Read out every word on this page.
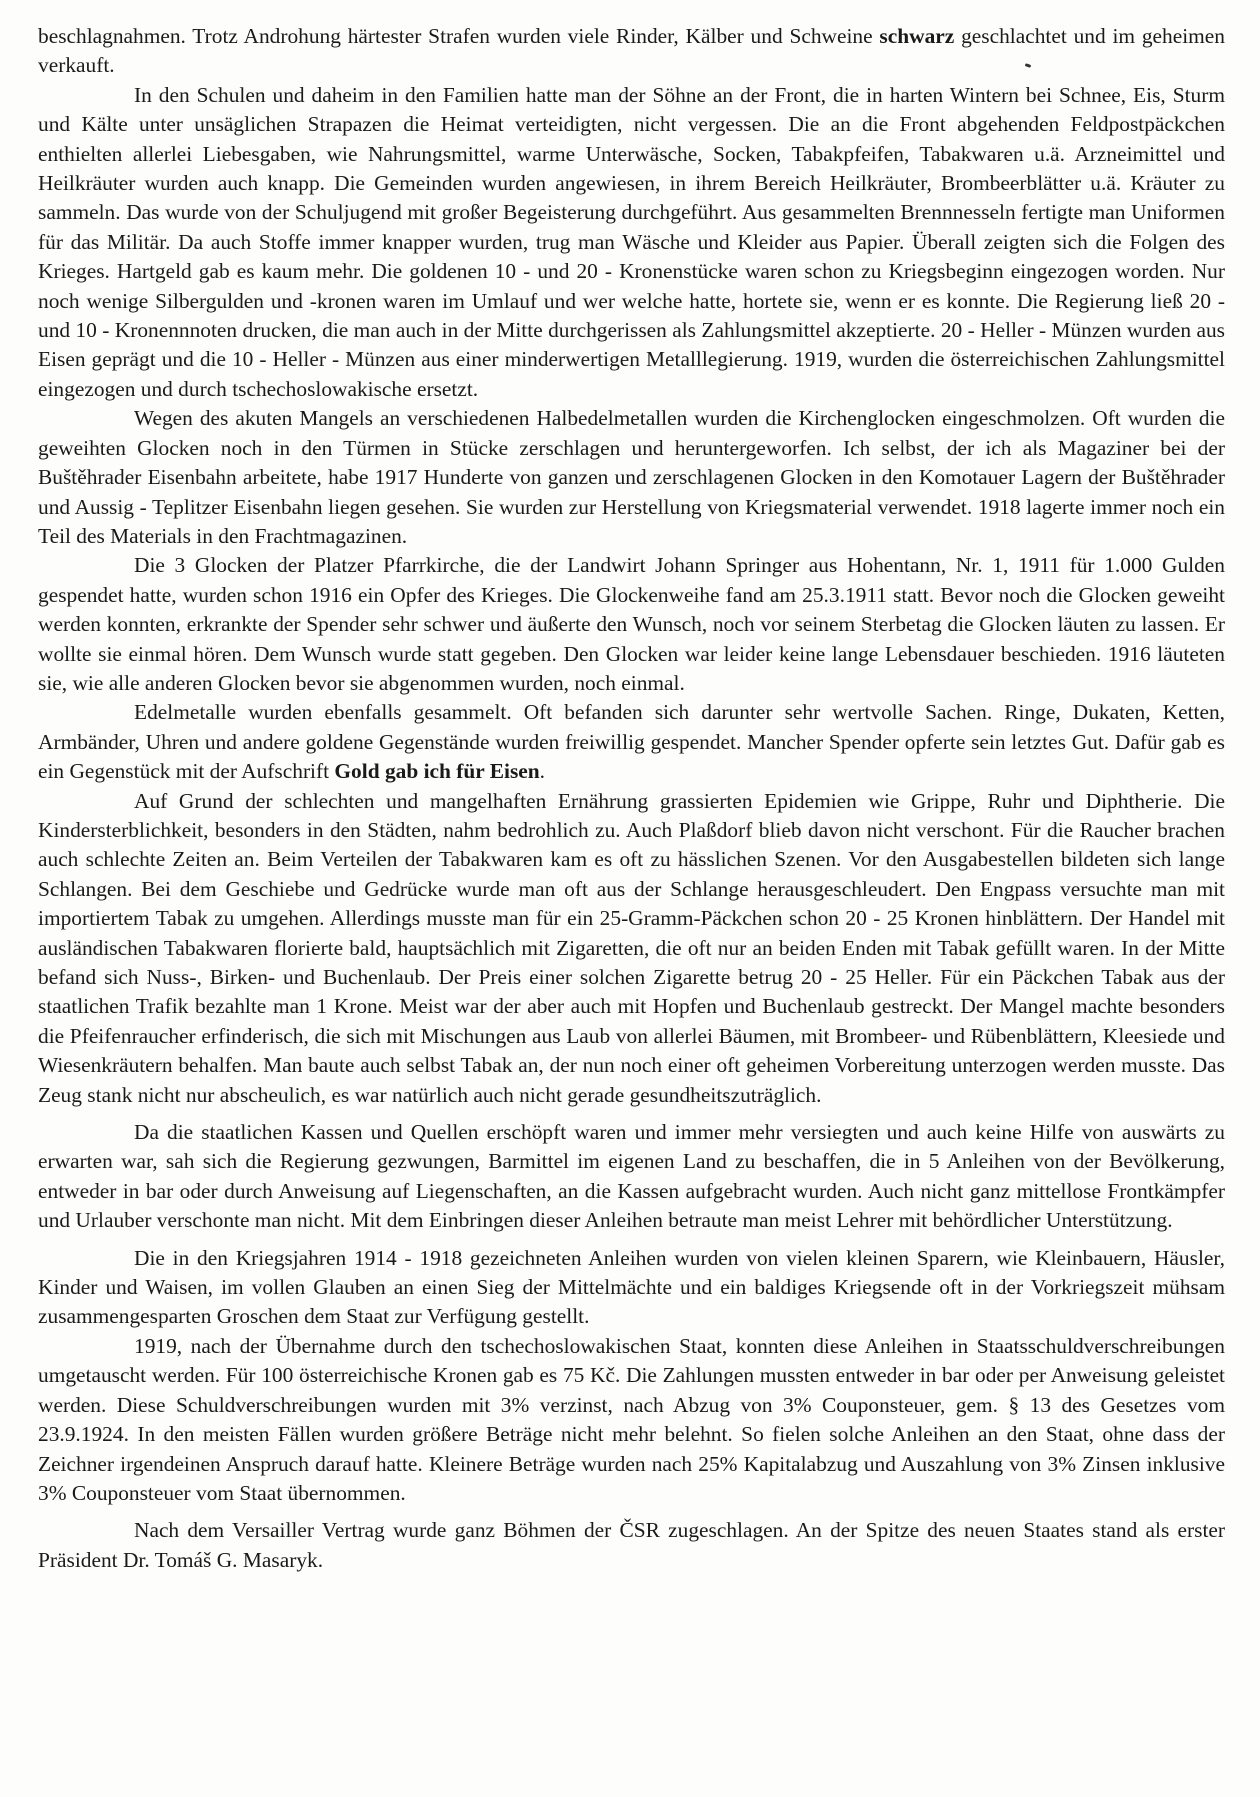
beschlagnahmen. Trotz Androhung härtester Strafen wurden viele Rinder, Kälber und Schweine schwarz geschlachtet und im geheimen verkauft.

In den Schulen und daheim in den Familien hatte man der Söhne an der Front, die in harten Wintern bei Schnee, Eis, Sturm und Kälte unter unsäglichen Strapazen die Heimat verteidigten, nicht vergessen. Die an die Front abgehenden Feldpostpäckchen enthielten allerlei Liebesgaben, wie Nahrungsmittel, warme Unterwäsche, Socken, Tabakpfeifen, Tabakwaren u.ä. Arzneimittel und Heilkräuter wurden auch knapp. Die Gemeinden wurden angewiesen, in ihrem Bereich Heilkräuter, Brombeerblätter u.ä. Kräuter zu sammeln. Das wurde von der Schuljugend mit großer Begeisterung durchgeführt. Aus gesammelten Brennnesseln fertigte man Uniformen für das Militär. Da auch Stoffe immer knapper wurden, trug man Wäsche und Kleider aus Papier. Überall zeigten sich die Folgen des Krieges. Hartgeld gab es kaum mehr. Die goldenen 10 - und 20 - Kronenstücke waren schon zu Kriegsbeginn eingezogen worden. Nur noch wenige Silbergulden und -kronen waren im Umlauf und wer welche hatte, hortete sie, wenn er es konnte. Die Regierung ließ 20 - und 10 - Kronennnoten drucken, die man auch in der Mitte durchgerissen als Zahlungsmittel akzeptierte. 20 - Heller - Münzen wurden aus Eisen geprägt und die 10 - Heller - Münzen aus einer minderwertigen Metalllegierung. 1919, wurden die österreichischen Zahlungsmittel eingezogen und durch tschechoslowakische ersetzt.

Wegen des akuten Mangels an verschiedenen Halbedelmetallen wurden die Kirchenglocken eingeschmolzen. Oft wurden die geweihten Glocken noch in den Türmen in Stücke zerschlagen und heruntergeworfen. Ich selbst, der ich als Magaziner bei der Buštěhrader Eisenbahn arbeitete, habe 1917 Hunderte von ganzen und zerschlagenen Glocken in den Komotauer Lagern der Buštěhrader und Aussig - Teplitzer Eisenbahn liegen gesehen. Sie wurden zur Herstellung von Kriegsmaterial verwendet. 1918 lagerte immer noch ein Teil des Materials in den Frachtmagazinen.

Die 3 Glocken der Platzer Pfarrkirche, die der Landwirt Johann Springer aus Hohentann, Nr. 1, 1911 für 1.000 Gulden gespendet hatte, wurden schon 1916 ein Opfer des Krieges. Die Glockenweihe fand am 25.3.1911 statt. Bevor noch die Glocken geweiht werden konnten, erkrankte der Spender sehr schwer und äußerte den Wunsch, noch vor seinem Sterbetag die Glocken läuten zu lassen. Er wollte sie einmal hören. Dem Wunsch wurde statt gegeben. Den Glocken war leider keine lange Lebensdauer beschieden. 1916 läuteten sie, wie alle anderen Glocken bevor sie abgenommen wurden, noch einmal.

Edelmetalle wurden ebenfalls gesammelt. Oft befanden sich darunter sehr wertvolle Sachen. Ringe, Dukaten, Ketten, Armbänder, Uhren und andere goldene Gegenstände wurden freiwillig gespendet. Mancher Spender opferte sein letztes Gut. Dafür gab es ein Gegenstück mit der Aufschrift Gold gab ich für Eisen.

Auf Grund der schlechten und mangelhaften Ernährung grassierten Epidemien wie Grippe, Ruhr und Diphtherie. Die Kindersterblichkeit, besonders in den Städten, nahm bedrohlich zu. Auch Plaßdorf blieb davon nicht verschont. Für die Raucher brachen auch schlechte Zeiten an. Beim Verteilen der Tabakwaren kam es oft zu hässlichen Szenen. Vor den Ausgabestellen bildeten sich lange Schlangen. Bei dem Geschiebe und Gedrücke wurde man oft aus der Schlange herausgeschleudert. Den Engpass versuchte man mit importiertem Tabak zu umgehen. Allerdings musste man für ein 25-Gramm-Päckchen schon 20 - 25 Kronen hinblättern. Der Handel mit ausländischen Tabakwaren florierte bald, hauptsächlich mit Zigaretten, die oft nur an beiden Enden mit Tabak gefüllt waren. In der Mitte befand sich Nuss-, Birken- und Buchenlaub. Der Preis einer solchen Zigarette betrug 20 - 25 Heller. Für ein Päckchen Tabak aus der staatlichen Trafik bezahlte man 1 Krone. Meist war der aber auch mit Hopfen und Buchenlaub gestreckt. Der Mangel machte besonders die Pfeifenraucher erfinderisch, die sich mit Mischungen aus Laub von allerlei Bäumen, mit Brombeer- und Rübenblättern, Kleesiede und Wiesenkräutern behalfen. Man baute auch selbst Tabak an, der nun noch einer oft geheimen Vorbereitung unterzogen werden musste. Das Zeug stank nicht nur abscheulich, es war natürlich auch nicht gerade gesundheitszuträglich.

Da die staatlichen Kassen und Quellen erschöpft waren und immer mehr versiegten und auch keine Hilfe von auswärts zu erwarten war, sah sich die Regierung gezwungen, Barmittel im eigenen Land zu beschaffen, die in 5 Anleihen von der Bevölkerung, entweder in bar oder durch Anweisung auf Liegenschaften, an die Kassen aufgebracht wurden. Auch nicht ganz mittellose Frontkämpfer und Urlauber verschonte man nicht. Mit dem Einbringen dieser Anleihen betraute man meist Lehrer mit behördlicher Unterstützung.

Die in den Kriegsjahren 1914 - 1918 gezeichneten Anleihen wurden von vielen kleinen Sparern, wie Kleinbauern, Häusler, Kinder und Waisen, im vollen Glauben an einen Sieg der Mittelmächte und ein baldiges Kriegsende oft in der Vorkriegszeit mühsam zusammengesparten Groschen dem Staat zur Verfügung gestellt.

1919, nach der Übernahme durch den tschechoslowakischen Staat, konnten diese Anleihen in Staatsschuldverschreibungen umgetauscht werden. Für 100 österreichische Kronen gab es 75 Kč. Die Zahlungen mussten entweder in bar oder per Anweisung geleistet werden. Diese Schuldverschreibungen wurden mit 3% verzinst, nach Abzug von 3% Couponsteuer, gem. § 13 des Gesetzes vom 23.9.1924. In den meisten Fällen wurden größere Beträge nicht mehr belehnt. So fielen solche Anleihen an den Staat, ohne dass der Zeichner irgendeinen Anspruch darauf hatte. Kleinere Beträge wurden nach 25% Kapitalabzug und Auszahlung von 3% Zinsen inklusive 3% Couponsteuer vom Staat übernommen.

Nach dem Versailler Vertrag wurde ganz Böhmen der ČSR zugeschlagen. An der Spitze des neuen Staates stand als erster Präsident Dr. Tomáš G. Masaryk.
